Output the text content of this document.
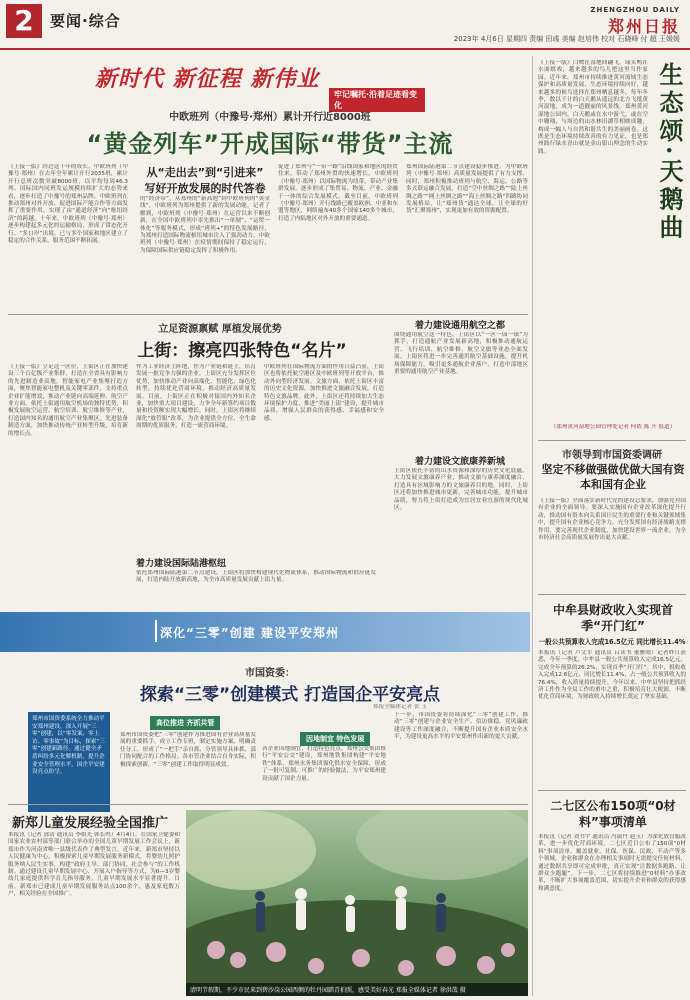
2	要闻·综合
ZHENGZHOU DAILY
郑州日报
2023年 4月6日 星期四 责编 田彧 美编 赵培伟 校对 石晓峰 付 超 王媛媛
新时代 新征程 新伟业
牢记嘱托·沿着足迹看变化
中欧班列（中豫号·郑州）累计开行近8000班
“黄金列车”开成国际“带货”主流
《上接一版》经过这十年的成长，中欧班列（中豫号·郑州）在去年全年累计开行2035班，累计开行总班次数突破8000班，以平均每周46.3列、国际国内同班发运规模持续扩大的态势来看，逐步打造了中豫号的郑州品牌。中欧班列在推动郑州对外开放、促进国际产能合作等方面发挥了重要作用，实现了由“通道经济”向“枢纽经济”的跨越。十年来，中欧班列（中豫号·郑州）逐步构建起多元化的运输格局，形成了常态化开行、“多口岸”出境，已与多个国家和地区建立了稳定的合作关系，服务范围不断拓展。
从“走出去”到“引进来” 写好开放发展的时代答卷
的“经济带”，从郑州的“新高地”到中欧班列的“黄金线”，中欧班列为郑州提供了新的发展动能。记者了解到，中欧班列（中豫号·郑州）在运营以来不断创新，在全国中欧班列中率先推出“一单制”、“运贸一体化”等服务模式，形成“班列+”的特色发展路径，为郑州打造国际物流枢纽城市注入了强劲动力。中欧班列（中豫号·郑州）在疫情期间保持了稳定运行，为保障国际供应链稳定发挥了积极作用。
促进了郑州与“一带一路”沿线国家和地区的经贸往来，带动了郑州外贸的快速增长。中欧班列（中豫号·郑州）以国际物流为纽带，带动产业集群发展，逐步形成了集贸易、物流、产业、金融于一体的综合发展模式。截至目前，中欧班列（中豫号·郑州）开行线路已覆盖欧洲、中亚和东盟等地区，网络遍布40多个国家140多个城市，打造了内陆地区对外开放的重要通道。
郑州国际陆港第二节点建设稳步推进，为中欧班列（中豫号·郑州）高质量发展提供了有力支撑。同时，郑州积极推动班列与航空、海运、公路等多式联运融合发展，打造“空中丝绸之路”“陆上丝绸之路”“网上丝绸之路”“海上丝绸之路”四路协同发展格局，让“郑州货”通达全球，让全球的好货“汇聚郑州”，实现更加有效的资源配置。
立足资源禀赋 厚植发展优势
上街：擦亮四张特色“名片”
《上接一版》立足这一区位，上街区正在加快建设三个百亿级产业集群，打造在全省具有影响力的先进制造业高地。智能家电产业集聚打造方面，聚焦智能家电整机及关键零部件，支持重点企业扩能增效，推动产业链向高端延伸。航空产业方面，依托上街通用航空机场的独特优势，积极发展航空运营、航空培训、航空维修等产业，打造国内知名的通用航空产业集聚区。先进装备制造方面，加快推动传统产业转型升级，培育新的增长点。
作为工业经济主阵地，作为产业链和链主，培育发展一批竞争力强的企业。上街区充分发挥区位优势，加快推动产业向高端化、智能化、绿色化转型，持续优化营商环境，推动经济高质量发展。目前，上街区正在积极对接国内外知名企业，加快重大项目建设，力争全年新签约项目数量和投资额实现大幅增长。同时，上街区将继续深化“放管服”改革，为企业提供全方位、全生命周期的优质服务，打造一流营商环境。
中欧班列在国际物流方面的作用日益凸显，上街区也将依托航空港区及中欧班列等开放平台，推动外向型经济发展。文旅方面，依托上街区丰富的历史文化资源，加快推进文旅融合发展，打造特色文旅品牌。此外，上街区还将持续加大生态环境保护力度，推进“美丽上街”建设，提升城市品质，增强人民群众的获得感、幸福感和安全感。
着力建设国际陆港枢纽
依托郑州国际陆港第二节点建设，上街区将加快构建现代化物流体系，推动国际物流和供应链发展，打造内陆开放新高地，为全市高质量发展贡献上街力量。
着力建设通用航空之都
围绕通用航空这一特色，上街区以“一区一园一镇”为抓手，打造通航产业发展新高地，积极推动通航运营、飞行培训、航空维修、航空文旅等业态全面发展。上街区将进一步完善通用航空基础设施，提升机场保障能力，吸引更多通航企业落户，打造中部地区重要的通用航空产业基地。
着力建设文旅康养新城
上街区依托丰富的山水资源和深厚的历史文化底蕴，大力发展文旅康养产业，推动文旅与康养深度融合，打造具有区域影响力的文旅康养目的地。同时，上街区还将加快推进城市更新，完善城市功能，提升城市品质，努力将上街打造成为宜居宜业宜游的现代化城区。
生态颂·天鹅曲
《上接一版》白鹭在湿地间翩飞，绿头鸭在水面嬉戏，越来越多的鸟儿把这里当作家园。近年来，郑州市持续推进黄河流域生态保护和高质量发展，生态环境持续向好，越来越多的候鸟选择在郑州栖息越冬。每年冬季，数以千计的白天鹅从遥远的北方飞抵黄河湿地，成为一道靓丽的风景线。郑州黄河湿地公园内，白天鹅或在水中游弋，或在空中翱翔，与周边的山水林田湖草相映成趣，构成一幅人与自然和谐共生的美丽画卷。这既是生态环境持续改善的有力见证，也是郑州践行绿水青山就是金山银山理念的生动实践。
（郑州黄河湿地公园管理处记者 何依 陈 升 报道）
市领导到市国资委调研
坚定不移做强做优做大国有资本和国有企业
《上接一版》全面落实新时代党的建设总要求，加强党对国有企业的全面领导。要深入实施国有企业改革深化提升行动，推动国有资本向关系国计民生的重要行业和关键领域集中，提升国有企业核心竞争力，充分发挥国有经济战略支撑作用。要完善现代企业制度，加快建设世界一流企业，为全市经济社会高质量发展作出更大贡献。
中牟县财政收入实现首季“开门红”
一般公共预算收入完成16.5亿元 同比增长11.4%
本报讯（记者 卢文军 通讯员 吕读书 董雅晴）记者昨日获悉，今年一季度，中牟县一般公共预算收入完成16.5亿元，完成全年预算的26.2%，实现首季“开门红”。其中，税收收入完成12.6亿元，同比增长11.4%，占一般公共预算收入的76.4%，收入质量持续提升。今年以来，中牟县坚持把抓经济工作作为全局工作的重中之重，积极培育壮大税源，不断优化营商环境，为财政收入持续增长奠定了坚实基础。
二七区公布150项“0材料”事项清单
本报讯（记者 刘书宇 通讯员 冯淑丹 赵玉）为深化放管服改革，进一步优化营商环境，二七区近日公布了150项“0材料”事项清单，覆盖就业、社保、医保、民政、不动产等多个领域。企业和群众在办理相关事项时无需提交任何材料，通过数据共享即可完成审批，真正实现“让数据多跑路、让群众少跑腿”。下一步，二七区将持续推进“0材料”办事改革，不断扩大事项覆盖范围，切实提升企业和群众的获得感和满意度。
深化“三零”创建 建设平安郑州
市国资委：
探索“三零”创建模式 打造国企平安亮点
郑报全媒体记者 张 玉
郑州市国资委系统全力推动平安郑州建设，深入开展“三零”创建，以“零发案、零上访、零事故”为目标，探索“三零”创建新路径。通过健全矛盾纠纷多元化解机制，提升企业安全管理水平，国企平安建设亮点纷呈。
高位推进 齐抓共管
郑州市国资委把“三零”创建作为推进国有企业高质量发展的重要抓手，成立工作专班，制定实施方案，明确责任分工，形成了“一把手”亲自抓、分管领导具体抓、部门协同配合的工作格局。各市管企业结合自身实际，积极探索创新，“三零”创建工作取得明显成效。
因地制宜 特色发展
各企业因地制宜，打造特色亮点。郑州公交集团推行“平安公交”建设，郑州地铁集团构建“平安地铁”体系，郑州水务集团强化供水安全保障，形成了一批可复制、可推广的经验做法，为平安郑州建设贡献了国企力量。
下一步，市国资委将持续深化“三零”创建工作，推动“三零”创建与企业安全生产、信访维稳、党风廉政建设等工作深度融合，不断提升国有企业本质安全水平，为建设更高水平的平安郑州作出新的更大贡献。
新郑儿童发展经验全国推广
本报讯（记者 郭清 通讯员 李姐光 韩长鸣）4月4日，在国家卫健委和国家农业农村部等部门联合举办的全国儿童早期发展工作会议上，新郑市作为河南省唯一县级代表作了典型发言。近年来，新郑市坚持以人民健康为中心，积极探索儿童早期发展服务新模式，将婴幼儿照护服务纳入民生实事，构建“政府主导、部门协同、社会参与”的工作机制。通过建设儿童早期发展中心、开展入户指导等方式，为0—3岁婴幼儿家庭提供科学育儿指导服务，儿童早期发展水平显著提升。目前，新郑市已建成儿童早期发展服务站点100余个，惠及家庭数万户，相关经验在全国推广。
清明节假期，不少市民来到碧沙岗公园西侧的牡丹园踏青拍照，感受美好春光 郑报全媒体记者 徐洪哉 摄
